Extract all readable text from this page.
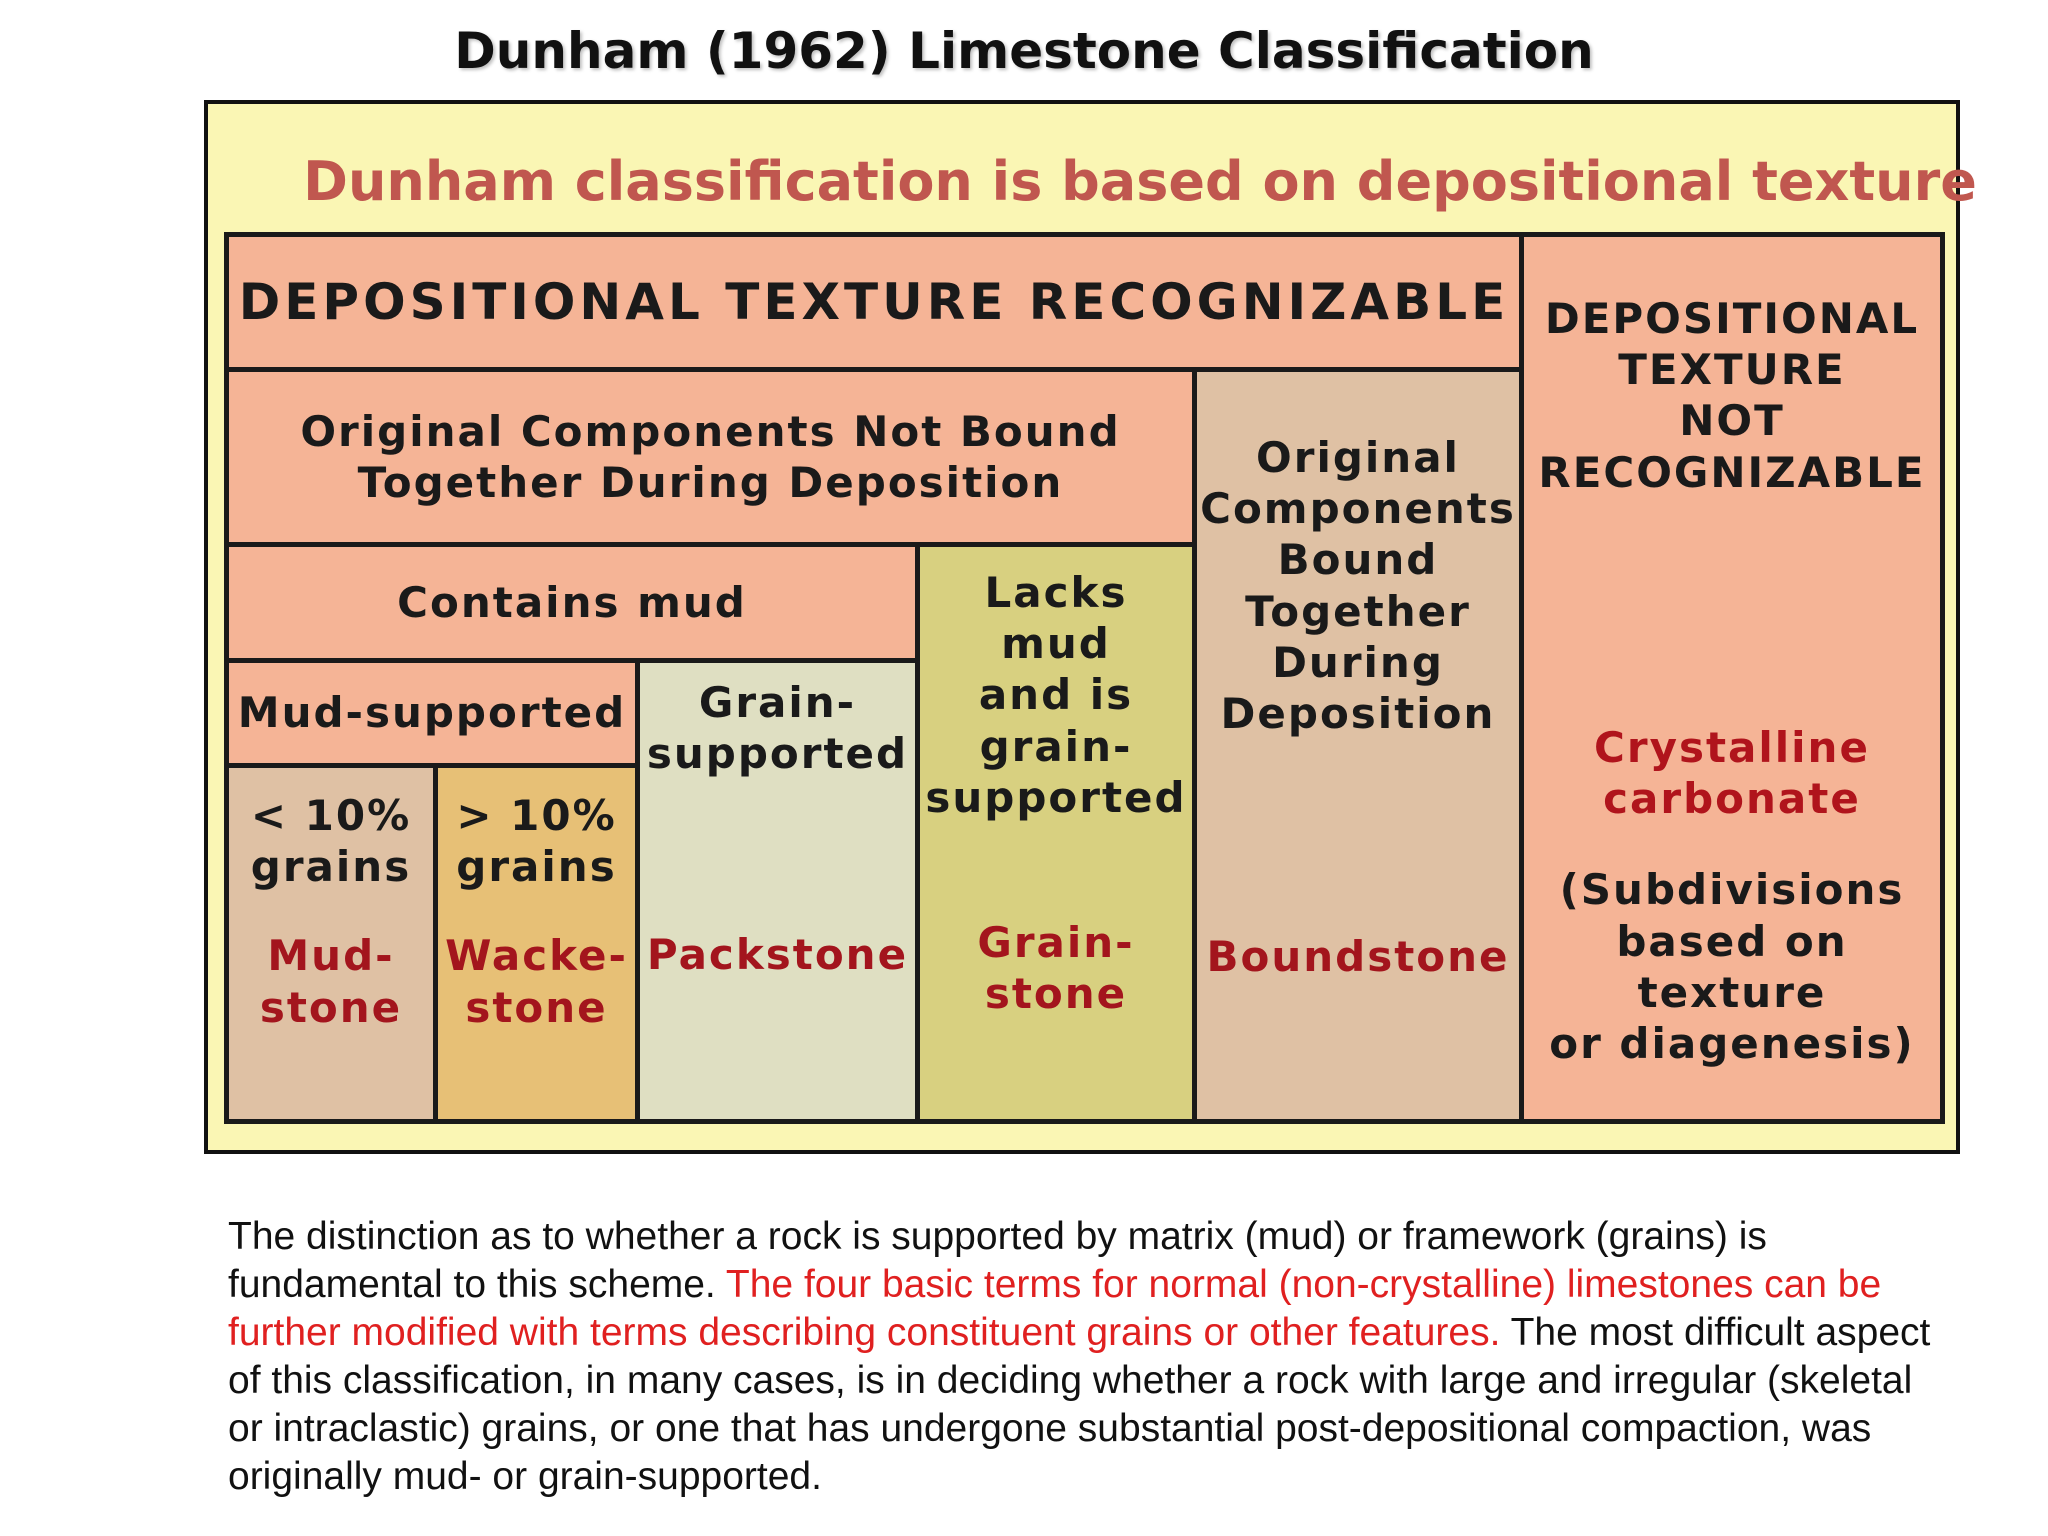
Dunham (1962) Limestone Classification
Dunham classification is based on depositional texture
DEPOSITIONAL TEXTURE RECOGNIZABLE DEPOSITIONAL
TEXTURE
NOT
RECOGNIZABLE
Crystalline
carbonate
(Subdivisions
based on texture
or diagenesis)
Original Components Not Bound
Together During Deposition
Original
Components
Bound
Together
During
Deposition
Boundstone
Contains mud	Lacks
mud
and is
grain-
supported
Grain-
stone
Mud-supported	Grain-
supported
Packstone
< 10%
grains
Mud-
stone
> 10%
grains
Wacke-
stone
The distinction as to whether a rock is supported by matrix (mud) or framework (grains) is fundamental to this scheme. The four basic terms for normal (non-crystalline) limestones can be further modified with terms describing constituent grains or other features. The most difficult aspect of this classification, in many cases, is in deciding whether a rock with large and irregular (skeletal or intraclastic) grains, or one that has undergone substantial post-depositional compaction, was originally mud- or grain-supported.
